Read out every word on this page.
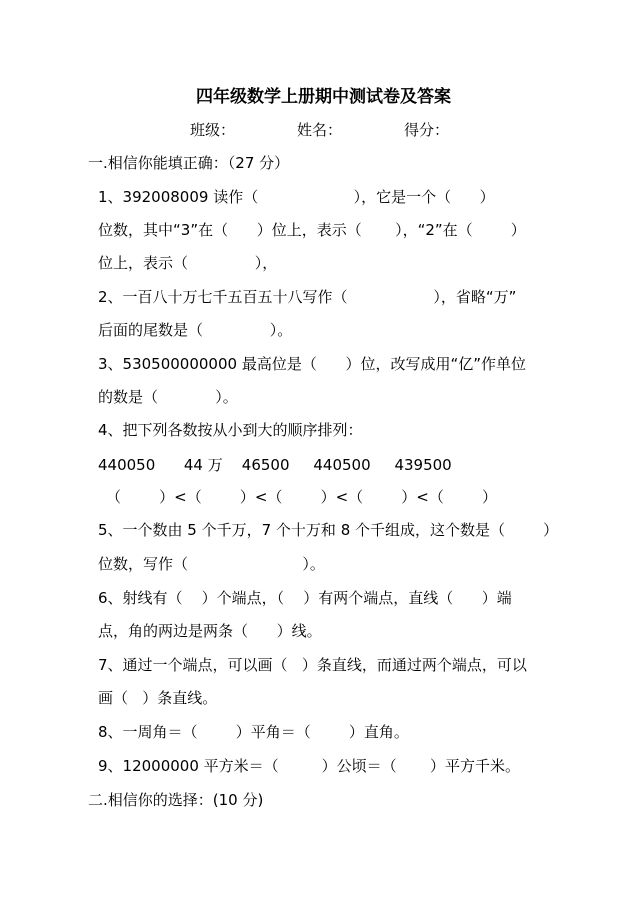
四年级数学上册期中测试卷及答案
班级：             姓名：             得分：
一.相信你能填正确：（27 分）
1、392008009 读作（                    ），它是一个（      ）
位数，其中“3”在（      ）位上，表示（       ），“2”在（        ）
位上，表示（              ），
2、一百八十万七千五百五十八写作（                  ），省略“万”
后面的尾数是（              ）。
3、530500000000 最高位是（      ）位，改写成用“亿”作单位
的数是（            ）。
4、把下列各数按从小到大的顺序排列：
440050      44 万    46500     440500     439500
（        ）<（        ）<（        ）<（        ）<（        ）
5、一个数由 5 个千万，7 个十万和 8 个千组成，这个数是（        ）
位数，写作（                        ）。
6、射线有（    ）个端点，（    ）有两个端点，直线（      ）端
点，角的两边是两条（      ）线。
7、通过一个端点，可以画（   ）条直线，而通过两个端点，可以
画（   ）条直线。
8、一周角＝（        ）平角＝（        ）直角。
9、12000000 平方米＝（         ）公顷＝（       ）平方千米。
二.相信你的选择：(10 分)
